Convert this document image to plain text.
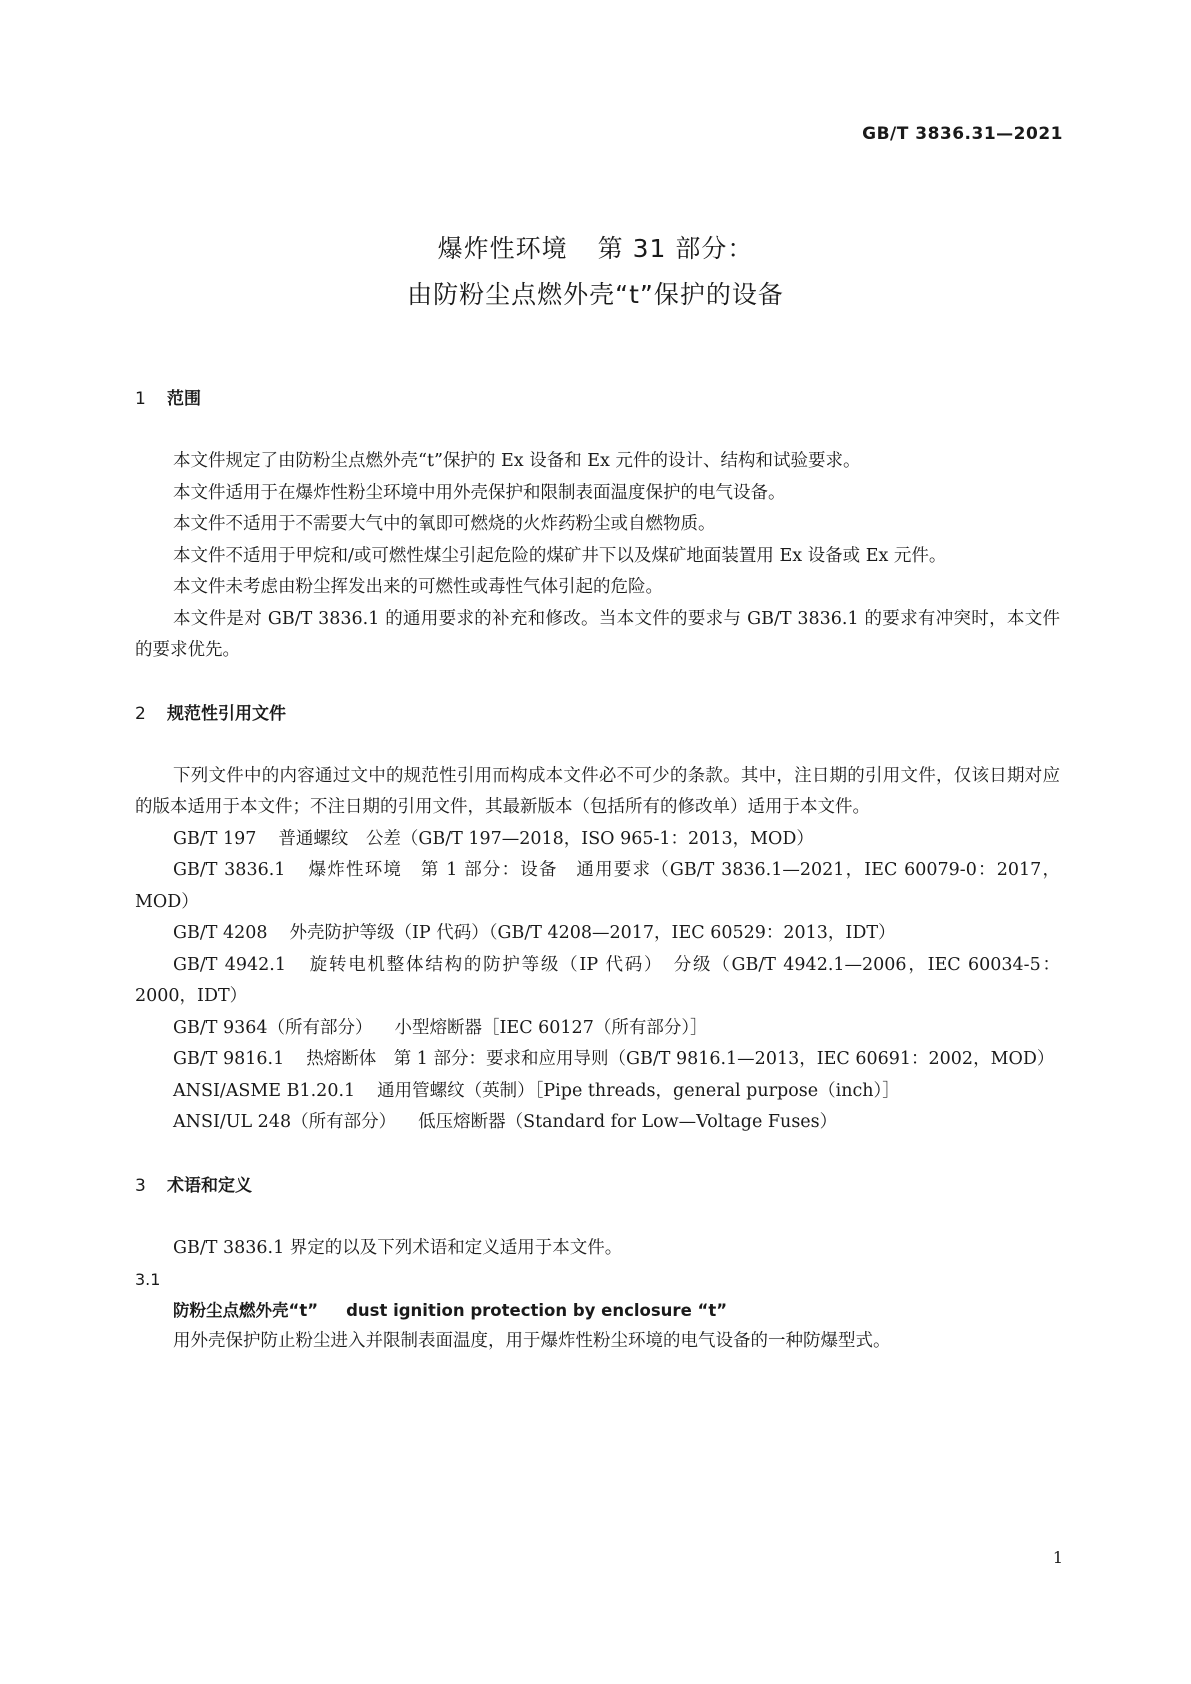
GB/T 3836.31—2021
爆炸性环境 第 31 部分：
由防粉尘点燃外壳“t”保护的设备

1 范围

本文件规定了由防粉尘点燃外壳“t”保护的 Ex 设备和 Ex 元件的设计、结构和试验要求。

本文件适用于在爆炸性粉尘环境中用外壳保护和限制表面温度保护的电气设备。

本文件不适用于不需要大气中的氧即可燃烧的火炸药粉尘或自燃物质。

本文件不适用于甲烷和/或可燃性煤尘引起危险的煤矿井下以及煤矿地面装置用 Ex 设备或 Ex 元件。

本文件未考虑由粉尘挥发出来的可燃性或毒性气体引起的危险。

本文件是对 GB/T 3836.1 的通用要求的补充和修改。当本文件的要求与 GB/T 3836.1 的要求有冲突时，本文件的要求优先。

2 规范性引用文件

下列文件中的内容通过文中的规范性引用而构成本文件必不可少的条款。其中，注日期的引用文件，仅该日期对应的版本适用于本文件；不注日期的引用文件，其最新版本（包括所有的修改单）适用于本文件。

GB/T 197 普通螺纹　公差（GB/T 197—2018，ISO 965-1：2013，MOD）

GB/T 3836.1 爆炸性环境　第 1 部分：设备　通用要求（GB/T 3836.1—2021，IEC 60079-0：2017，MOD）

GB/T 4208 外壳防护等级（IP 代码）（GB/T 4208—2017，IEC 60529：2013，IDT）

GB/T 4942.1 旋转电机整体结构的防护等级（IP 代码）　分级（GB/T 4942.1—2006，IEC 60034-5：2000，IDT）

GB/T 9364（所有部分） 小型熔断器［IEC 60127（所有部分）］

GB/T 9816.1 热熔断体　第 1 部分：要求和应用导则（GB/T 9816.1—2013，IEC 60691：2002，MOD）

ANSI/ASME B1.20.1 通用管螺纹（英制）［Pipe threads，general purpose（inch）］

ANSI/UL 248（所有部分） 低压熔断器（Standard for Low—Voltage Fuses）

3 术语和定义

GB/T 3836.1 界定的以及下列术语和定义适用于本文件。

3.1

防粉尘点燃外壳“t” dust ignition protection by enclosure “t”

用外壳保护防止粉尘进入并限制表面温度，用于爆炸性粉尘环境的电气设备的一种防爆型式。

1
